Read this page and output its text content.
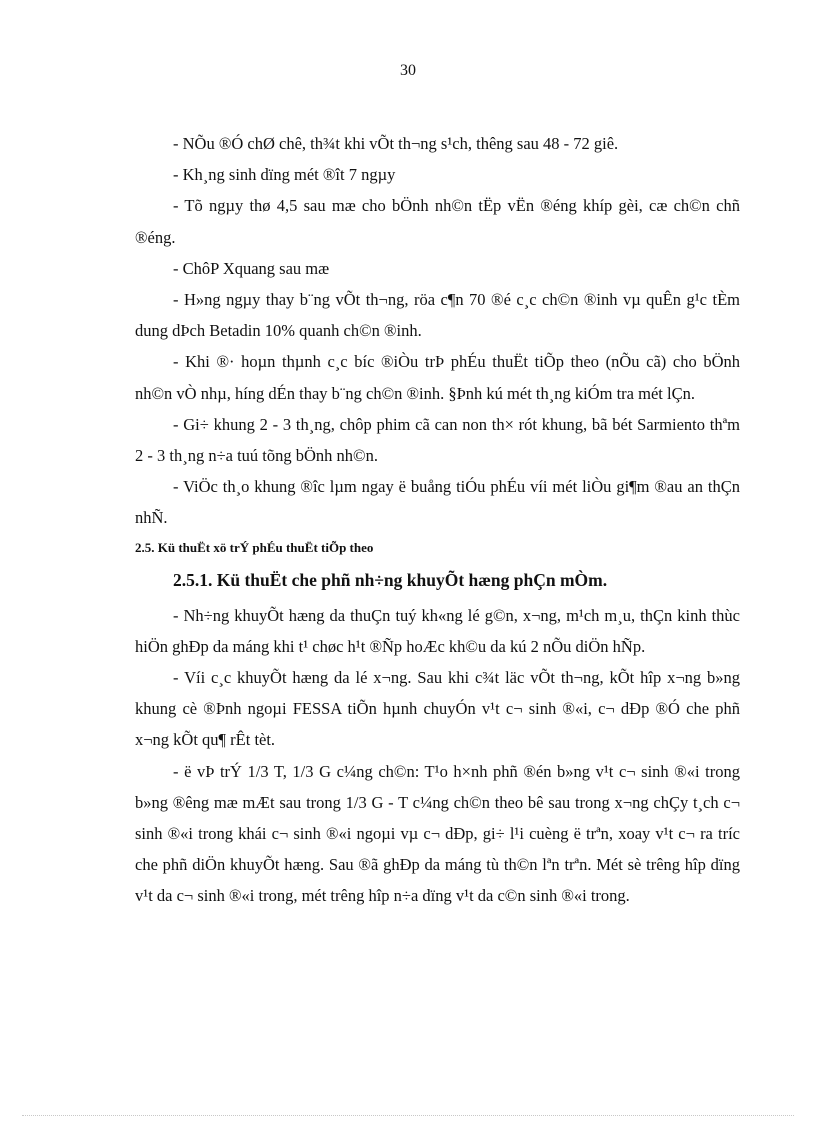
30

- NÕu ®Ó chØ chê, th¾t khi vÕt th¬ng s¹ch, thêng sau 48 - 72 giê.

- Kh¸ng sinh dïng mét ®ît 7 ngµy

- Tõ ngµy thø 4,5 sau mæ cho bÖnh nh©n tËp vËn ®éng khíp gèi, cæ ch©n chñ ®éng.

- ChôP Xquang sau mæ

- H»ng ngµy thay b¨ng vÕt th¬ng, röa c¶n 70 ®é c¸c ch©n ®inh vµ quÊn g¹c tÈm dung dÞch Betadin 10% quanh ch©n ®inh.

- Khi ®· hoµn thµnh c¸c bíc ®iÒu trÞ phÉu thuËt tiÕp theo (nÕu cã) cho bÖnh nh©n vÒ nhµ, híng dÉn thay b¨ng ch©n ®inh. §Þnh kú mét th¸ng kiÓm tra mét lÇn.

- Gi÷ khung 2 - 3 th¸ng, chôp phim cã can non th× rót khung, bã bét Sarmiento thªm 2 - 3 th¸ng n÷a tuú tõng bÖnh nh©n.

- ViÖc th¸o khung ®îc lµm ngay ë buång tiÓu phÉu víi mét liÒu gi¶m ®au an thÇn nhÑ.

2.5. Kü thuËt xö trÝ phÉu thuËt tiÕp theo
2.5.1. Kü thuËt che phñ nh÷ng khuyÕt hæng phÇn mÒm.

- Nh÷ng khuyÕt hæng da thuÇn tuý kh«ng lé g©n, x¬ng, m¹ch m¸u, thÇn kinh thùc hiÖn ghÐp da máng khi t¹ chøc h¹t ®Ñp hoÆc kh©u da kú 2 nÕu diÖn hÑp.

- Víi c¸c khuyÕt hæng da lé x¬ng. Sau khi c¾t läc vÕt th¬ng, kÕt hîp x¬ng b»ng khung cè ®Þnh ngoµi FESSA tiÕn hµnh chuyÓn v¹t c¬ sinh ®«i, c¬ dÐp ®Ó che phñ x¬ng kÕt qu¶ rÊt tèt.

- ë vÞ trÝ 1/3 T, 1/3 G c¼ng ch©n: T¹o h×nh phñ ®én b»ng v¹t c¬ sinh ®«i trong b»ng ®êng mæ mÆt sau trong 1/3 G - T c¼ng ch©n theo bê sau trong x¬ng chÇy t¸ch c¬ sinh ®«i trong khái c¬ sinh ®«i ngoµi vµ c¬ dÐp, gi÷ l¹i cuèng ë trªn, xoay v¹t c¬ ra tríc che phñ diÖn khuyÕt hæng. Sau ®ã ghÐp da máng tù th©n lªn trªn. Mét sè trêng hîp dïng v¹t da c¬ sinh ®«i trong, mét trêng hîp n÷a dïng v¹t da c©n sinh ®«i trong.
